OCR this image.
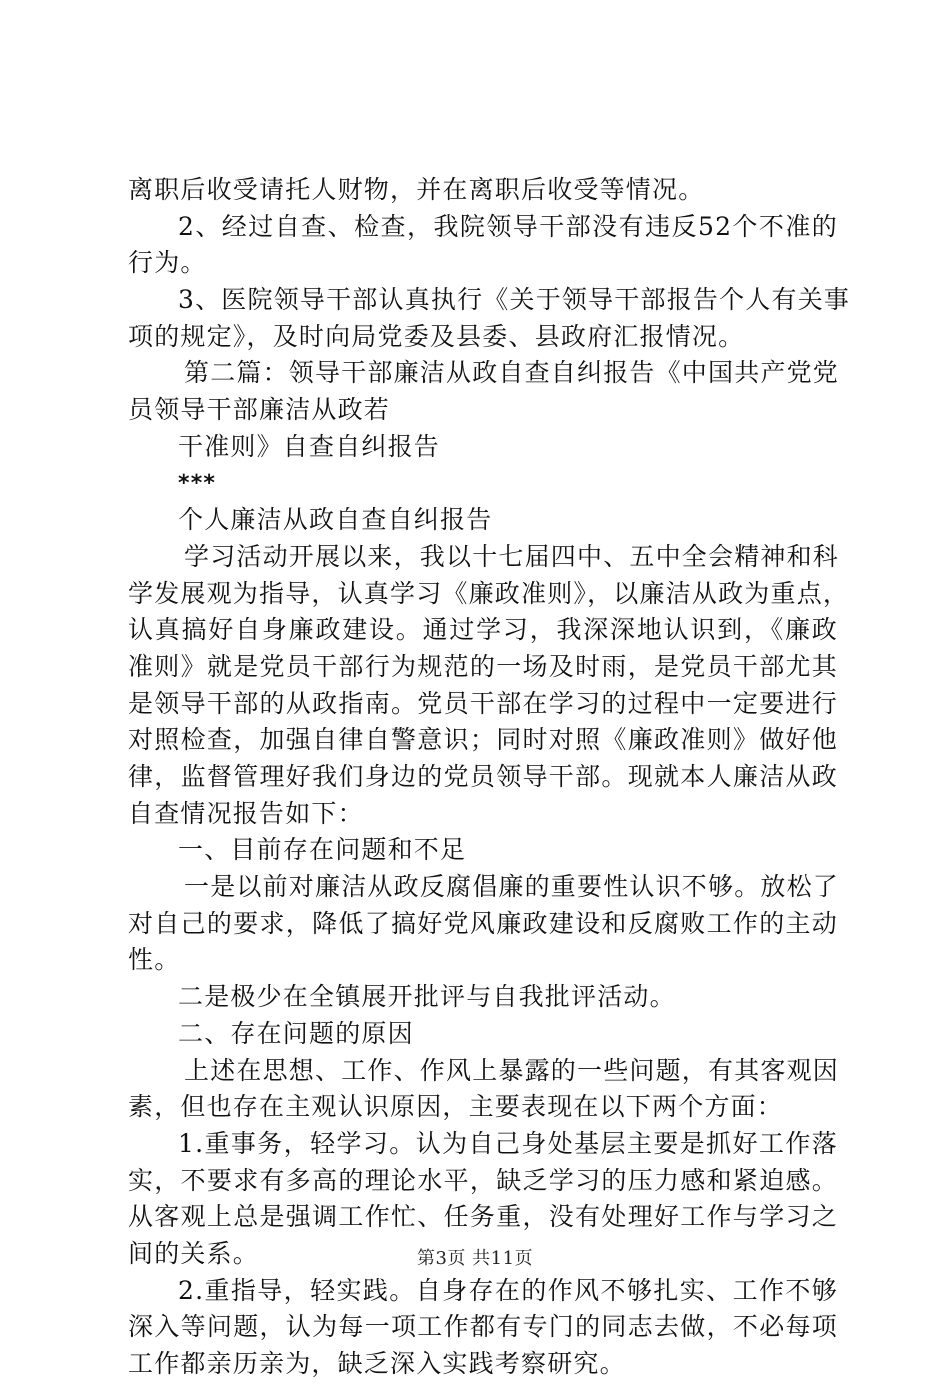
离职后收受请托人财物，并在离职后收受等情况。
2、经过自查、检查，我院领导干部没有违反52个不准的
行为。
3、医院领导干部认真执行《关于领导干部报告个人有关事
项的规定》，及时向局党委及县委、县政府汇报情况。
第二篇：领导干部廉洁从政自查自纠报告《中国共产党党
员领导干部廉洁从政若
干准则》自查自纠报告
***
个人廉洁从政自查自纠报告
学习活动开展以来，我以十七届四中、五中全会精神和科
学发展观为指导，认真学习《廉政准则》，以廉洁从政为重点，
认真搞好自身廉政建设。通过学习，我深深地认识到，《廉政
准则》就是党员干部行为规范的一场及时雨，是党员干部尤其
是领导干部的从政指南。党员干部在学习的过程中一定要进行
对照检查，加强自律自警意识；同时对照《廉政准则》做好他
律，监督管理好我们身边的党员领导干部。现就本人廉洁从政
自查情况报告如下：
一、目前存在问题和不足
一是以前对廉洁从政反腐倡廉的重要性认识不够。放松了
对自己的要求，降低了搞好党风廉政建设和反腐败工作的主动
性。
二是极少在全镇展开批评与自我批评活动。
二、存在问题的原因
上述在思想、工作、作风上暴露的一些问题，有其客观因
素，但也存在主观认识原因，主要表现在以下两个方面：
1.重事务，轻学习。认为自己身处基层主要是抓好工作落
实，不要求有多高的理论水平，缺乏学习的压力感和紧迫感。
从客观上总是强调工作忙、任务重，没有处理好工作与学习之
间的关系。
2.重指导，轻实践。自身存在的作风不够扎实、工作不够
深入等问题，认为每一项工作都有专门的同志去做，不必每项
工作都亲历亲为，缺乏深入实践考察研究。
第3页 共11页
